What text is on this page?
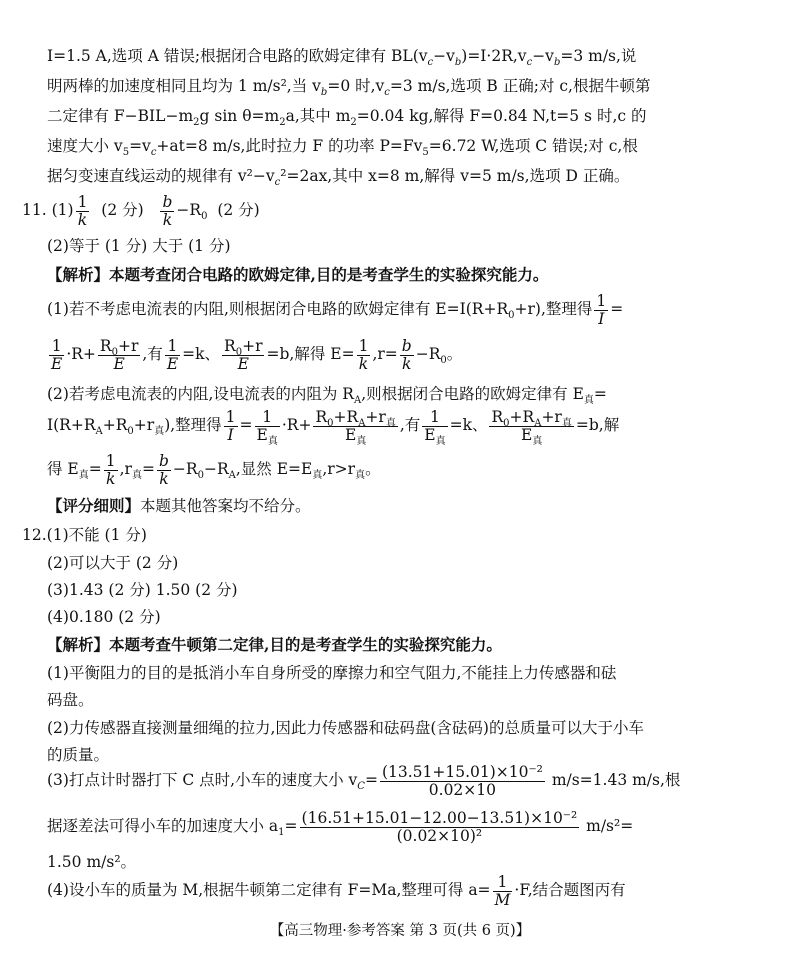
I=1.5 A,选项 A 错误;根据闭合电路的欧姆定律有 $BL(v_c-v_b)=I\cdot 2R,v_c-v_b=3$ m/s,说
明两棒的加速度相同且均为 1 m/s²,当 $v_b=0$ 时$,v_c=3$ m/s,选项 B 正确;对 c,根据牛顿第
二定律有 $F-BIL-m_2g$ $\sin \theta=m_2a$,其中 $m_2=0.04$ kg,解得 F=0.84 N,t=5 s 时,c 的
速度大小 $v_5=v_c+at=8$ m/s,此时拉力 F 的功率 $P=Fv_5=6.72$ W,选项 C 错误;对 c,根
据匀变速直线运动的规律有 $v^2-v_c^2=2ax$,其中 x=8 m,解得 v=5 m/s,选项 D 正确。
11. $(1) \frac{1}{k} (2$ 分) $\frac{b}{k} -R_0$ (2 分)
(2)等于 (1 分) 大于 (1 分)
【解析】本题考查闭合电路的欧姆定律,目的是考查学生的实验探究能力。
(1)若不考虑电流表的内阻,则根据闭合电路的欧姆定律有 $E=I(R+R_0+r)$,整理得 $\frac{1}{I}$ =
$\frac{1}{E} \cdot R+ \frac{R_0+r}{E}$ ,有 $\frac{1}{E} =k$、 $\frac{R_0+r}{E} =b$,解得 $E= \frac{1}{k} ,r= \frac{b}{k} -R_0$。
(2)若考虑电流表的内阻,设电流表的内阻为 $R_A$,则根据闭合电路的欧姆定律有 $E_真=$
$I(R+R_A+R_0+r_真)$,整理得 $\frac{1}{I} = \frac{1}{E_真} \cdot R+ \frac{R_0+R_A+r_真}{E_真}$ ,有 $\frac{1}{E_真} =k$、 $\frac{R_0+R_A+r_真}{E_真} =b$,解
得 $E_真= \frac{1}{k} ,r_真= \frac{b}{k} -R_0-R_A$,显然 $E=E_真,r>r_真$。
【评分细则】本题其他答案均不给分。
12.(1)不能 (1 分)
(2)可以大于 (2 分)
(3)1.43 (2 分) 1.50 (2 分)
(4)0.180 (2 分)
【解析】本题考查牛顿第二定律,目的是考查学生的实验探究能力。
(1)平衡阻力的目的是抵消小车自身所受的摩擦力和空气阻力,不能挂上力传感器和砝
码盘。
(2)力传感器直接测量细绳的拉力,因此力传感器和砝码盘(含砝码)的总质量可以大于小车
的质量。
(3)打点计时器打下 C 点时,小车的速度大小 $v_C= \frac{\text{(13.51+15.01)×10⁻²}}{0.02\times 10} m/s=1.43$ m/s,根
据逐差法可得小车的加速度大小 $a_1= \frac{\text{(16.51+15.01−12.00−13.51)×10⁻²}}{\text{(0.02×10)²}} m/s^2=$
1.50 m/s²。
(4)设小车的质量为 M,根据牛顿第二定律有 F=Ma,整理可得 $a= \frac{1}{M} \cdot F$,结合题图丙有
【高三物理·参考答案 第 3 页(共 6 页)】
